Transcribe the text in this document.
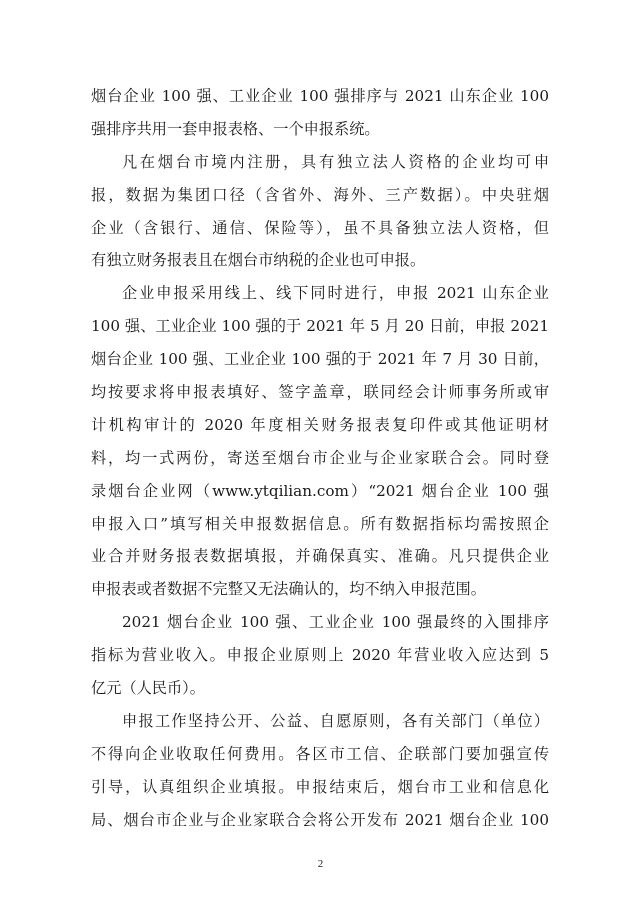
烟台企业 100 强、工业企业 100 强排序与 2021 山东企业 100
强排序共用一套申报表格、一个申报系统。
凡在烟台市境内注册，具有独立法人资格的企业均可申
报，数据为集团口径（含省外、海外、三产数据）。中央驻烟
企业（含银行、通信、保险等），虽不具备独立法人资格，但
有独立财务报表且在烟台市纳税的企业也可申报。
企业申报采用线上、线下同时进行，申报 2021 山东企业
100 强、工业企业 100 强的于 2021 年 5 月 20 日前，申报 2021
烟台企业 100 强、工业企业 100 强的于 2021 年 7 月 30 日前，
均按要求将申报表填好、签字盖章，联同经会计师事务所或审
计机构审计的 2020 年度相关财务报表复印件或其他证明材
料，均一式两份，寄送至烟台市企业与企业家联合会。同时登
录烟台企业网（www.ytqilian.com）“2021 烟台企业 100 强
申报入口”填写相关申报数据信息。所有数据指标均需按照企
业合并财务报表数据填报，并确保真实、准确。凡只提供企业
申报表或者数据不完整又无法确认的，均不纳入申报范围。
2021 烟台企业 100 强、工业企业 100 强最终的入围排序
指标为营业收入。申报企业原则上 2020 年营业收入应达到 5
亿元（人民币）。
申报工作坚持公开、公益、自愿原则，各有关部门（单位）
不得向企业收取任何费用。各区市工信、企联部门要加强宣传
引导，认真组织企业填报。申报结束后，烟台市工业和信息化
局、烟台市企业与企业家联合会将公开发布 2021 烟台企业 100
2
